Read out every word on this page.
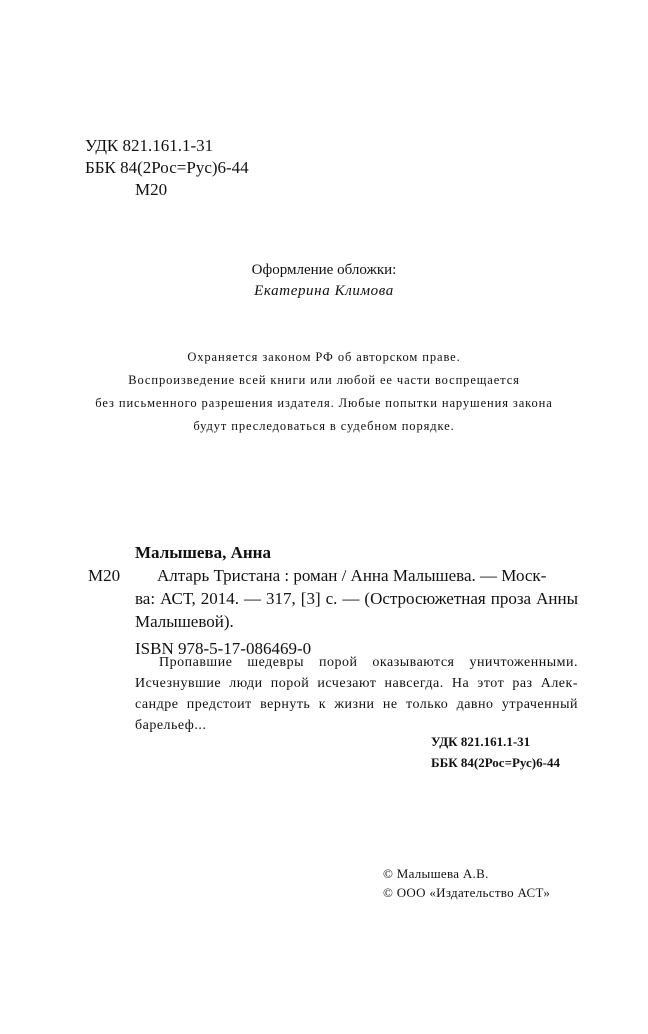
УДК 821.161.1-31
ББК 84(2Рос=Рус)6-44
М20
Оформление обложки:
Екатерина Климова
Охраняется законом РФ об авторском праве.
Воспроизведение всей книги или любой ее части воспрещается
без письменного разрешения издателя. Любые попытки нарушения закона
будут преследоваться в судебном порядке.
Малышева, Анна
М20	Алтарь Тристана : роман / Анна Малышева. — Моск-
ва: АСТ, 2014. — 317, [3] с. — (Остросюжетная проза Анны Малышевой).
ISBN 978-5-17-086469-0
Пропавшие шедевры порой оказываются уничтоженными. Исчезнувшие люди порой исчезают навсегда. На этот раз Алек-сандре предстоит вернуть к жизни не только давно утраченный барельеф...
УДК 821.161.1-31
ББК 84(2Рос=Рус)6-44
© Малышева А.В.
© ООО «Издательство АСТ»
